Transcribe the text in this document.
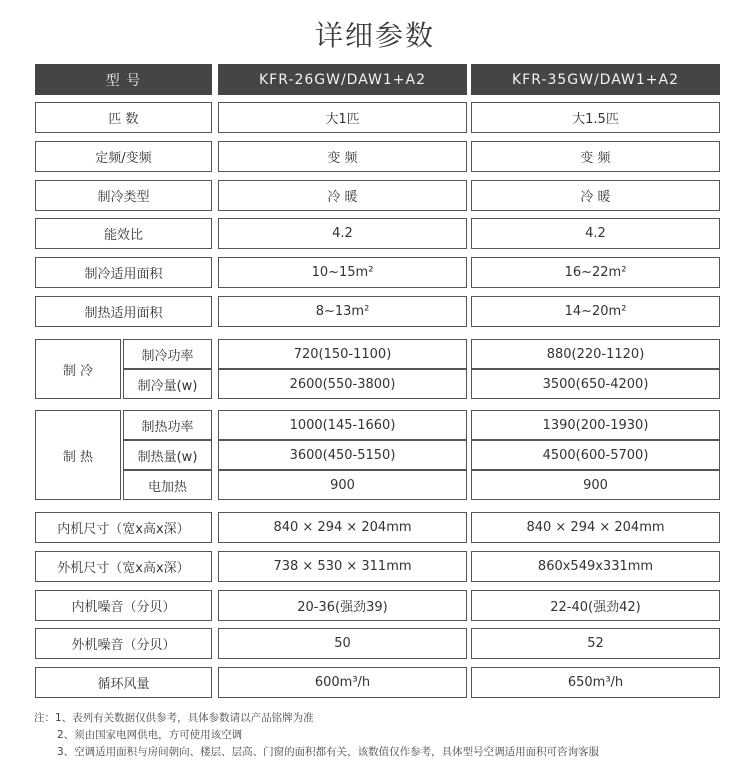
详细参数
型 号	KFR-26GW/DAW1+A2	KFR-35GW/DAW1+A2
匹 数	大1匹	大1.5匹
定频/变频	变 频	变 频
制冷类型	冷 暖	冷 暖
能效比	4.2	4.2
制冷适用面积	10~15m²	16~22m²
制热适用面积	8~13m²	14~20m²
制 冷
制冷功率	720(150-1100)	880(220-1120)
制冷量(w)	2600(550-3800)	3500(650-4200)
制 热
制热功率	1000(145-1660)	1390(200-1930)
制热量(w)	3600(450-5150)	4500(600-5700)
电加热	900	900
内机尺寸（宽x高x深）	840 × 294 × 204mm	840 × 294 × 204mm
外机尺寸（宽x高x深）	738 × 530 × 311mm	860x549x331mm
内机噪音（分贝）	20-36(强劲39)	22-40(强劲42)
外机噪音（分贝）	50	52
循环风量	600m³/h	650m³/h
注：1、表列有关数据仅供参考，具体参数请以产品铭牌为准
2、须由国家电网供电，方可使用该空调
3、空调适用面积与房间朝向、楼层、层高、门窗的面积都有关，该数值仅作参考，具体型号空调适用面积可咨询客服
